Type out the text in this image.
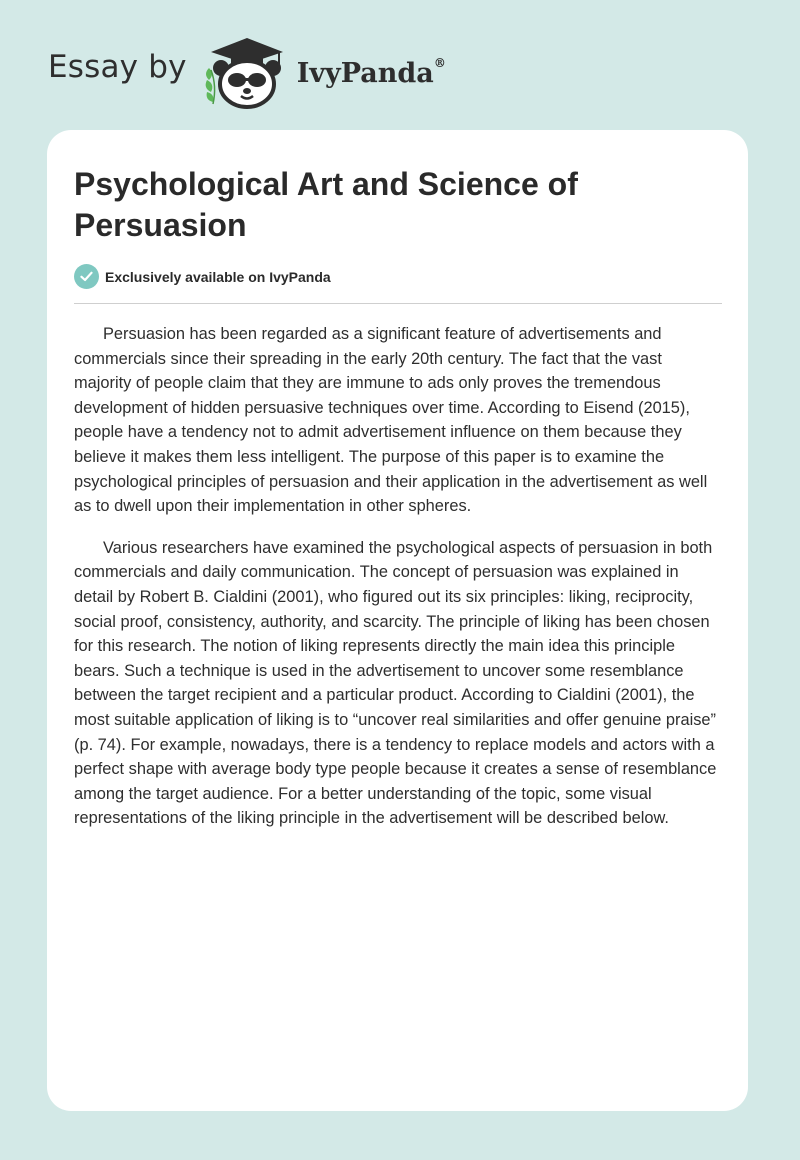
Essay by	IvyPanda®
Psychological Art and Science of Persuasion
Exclusively available on IvyPanda

Persuasion has been regarded as a significant feature of advertisements and commercials since their spreading in the early 20th century. The fact that the vast majority of people claim that they are immune to ads only proves the tremendous development of hidden persuasive techniques over time. According to Eisend (2015), people have a tendency not to admit advertisement influence on them because they believe it makes them less intelligent. The purpose of this paper is to examine the psychological principles of persuasion and their application in the advertisement as well as to dwell upon their implementation in other spheres.

Various researchers have examined the psychological aspects of persuasion in both commercials and daily communication. The concept of persuasion was explained in detail by Robert B. Cialdini (2001), who figured out its six principles: liking, reciprocity, social proof, consistency, authority, and scarcity. The principle of liking has been chosen for this research. The notion of liking represents directly the main idea this principle bears. Such a technique is used in the advertisement to uncover some resemblance between the target recipient and a particular product. According to Cialdini (2001), the most suitable application of liking is to “uncover real similarities and offer genuine praise” (p. 74). For example, nowadays, there is a tendency to replace models and actors with a perfect shape with average body type people because it creates a sense of resemblance among the target audience. For a better understanding of the topic, some visual representations of the liking principle in the advertisement will be described below.
